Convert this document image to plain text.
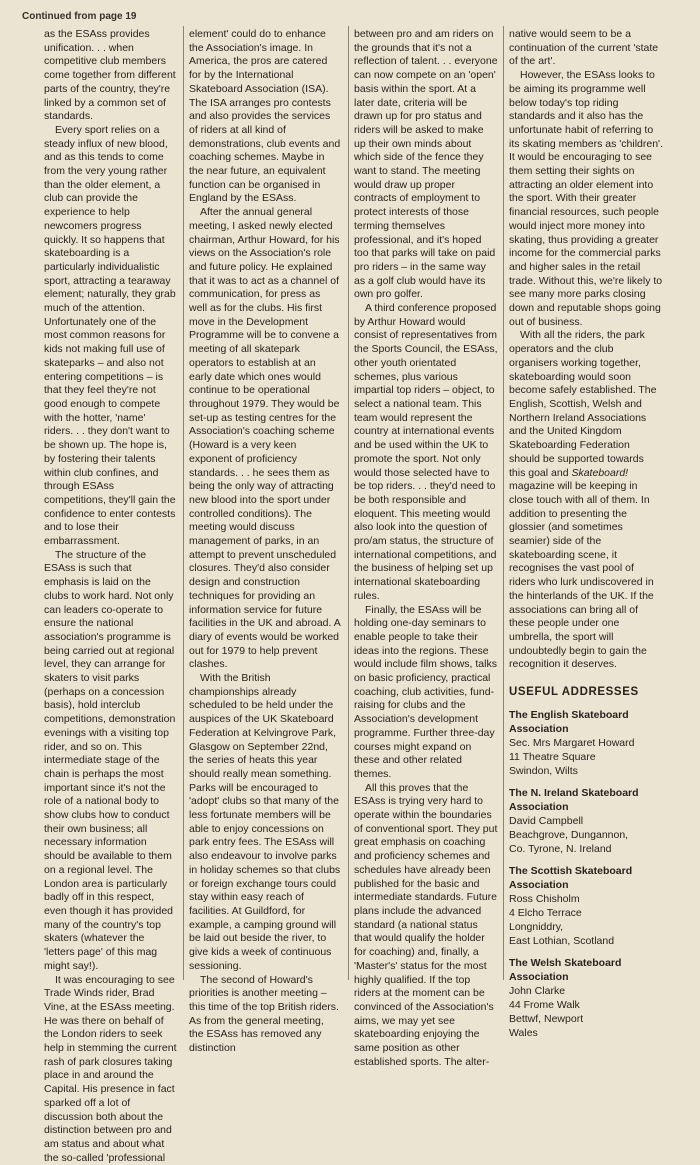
Continued from page 19

as the ESAss provides unification. . . when competitive club members come together from different parts of the country, they're linked by a common set of standards.

Every sport relies on a steady influx of new blood, and as this tends to come from the very young rather than the older element, a club can provide the experience to help newcomers progress quickly. It so happens that skateboarding is a particularly individualistic sport, attracting a tearaway element; naturally, they grab much of the attention. Unfortunately one of the most common reasons for kids not making full use of skateparks – and also not entering competitions – is that they feel they're not good enough to compete with the hotter, 'name' riders. . . they don't want to be shown up. The hope is, by fostering their talents within club confines, and through ESAss competitions, they'll gain the confidence to enter contests and to lose their embarrassment.

The structure of the ESAss is such that emphasis is laid on the clubs to work hard. Not only can leaders co-operate to ensure the national association's programme is being carried out at regional level, they can arrange for skaters to visit parks (perhaps on a concession basis), hold interclub competitions, demonstration evenings with a visiting top rider, and so on. This intermediate stage of the chain is perhaps the most important since it's not the role of a national body to show clubs how to conduct their own business; all necessary information should be available to them on a regional level. The London area is particularly badly off in this respect, even though it has provided many of the country's top skaters (whatever the 'letters page' of this mag might say!).

It was encouraging to see Trade Winds rider, Brad Vine, at the ESAss meeting. He was there on behalf of the London riders to seek help in stemming the current rash of park closures taking place in and around the Capital. His presence in fact sparked off a lot of discussion both about the distinction between pro and am status and about what the so-called 'professional

element' could do to enhance the Association's image. In America, the pros are catered for by the International Skateboard Association (ISA). The ISA arranges pro contests and also provides the services of riders at all kind of demonstrations, club events and coaching schemes. Maybe in the near future, an equivalent function can be organised in England by the ESAss.

After the annual general meeting, I asked newly elected chairman, Arthur Howard, for his views on the Association's role and future policy. He explained that it was to act as a channel of communication, for press as well as for the clubs. His first move in the Development Programme will be to convene a meeting of all skatepark operators to establish at an early date which ones would continue to be operational throughout 1979. They would be set-up as testing centres for the Association's coaching scheme (Howard is a very keen exponent of proficiency standards. . . he sees them as being the only way of attracting new blood into the sport under controlled conditions). The meeting would discuss management of parks, in an attempt to prevent unscheduled closures. They'd also consider design and construction techniques for providing an information service for future facilities in the UK and abroad. A diary of events would be worked out for 1979 to help prevent clashes.

With the British championships already scheduled to be held under the auspices of the UK Skateboard Federation at Kelvingrove Park, Glasgow on September 22nd, the series of heats this year should really mean something. Parks will be encouraged to 'adopt' clubs so that many of the less fortunate members will be able to enjoy concessions on park entry fees. The ESAss will also endeavour to involve parks in holiday schemes so that clubs or foreign exchange tours could stay within easy reach of facilities. At Guildford, for example, a camping ground will be laid out beside the river, to give kids a week of continuous sessioning.

The second of Howard's priorities is another meeting – this time of the top British riders. As from the general meeting, the ESAss has removed any distinction

between pro and am riders on the grounds that it's not a reflection of talent. . . everyone can now compete on an 'open' basis within the sport. At a later date, criteria will be drawn up for pro status and riders will be asked to make up their own minds about which side of the fence they want to stand. The meeting would draw up proper contracts of employment to protect interests of those terming themselves professional, and it's hoped too that parks will take on paid pro riders – in the same way as a golf club would have its own pro golfer.

A third conference proposed by Arthur Howard would consist of representatives from the Sports Council, the ESAss, other youth orientated schemes, plus various impartial top riders – object, to select a national team. This team would represent the country at international events and be used within the UK to promote the sport. Not only would those selected have to be top riders. . . they'd need to be both responsible and eloquent. This meeting would also look into the question of pro/am status, the structure of international competitions, and the business of helping set up international skateboarding rules.

Finally, the ESAss will be holding one-day seminars to enable people to take their ideas into the regions. These would include film shows, talks on basic proficiency, practical coaching, club activities, fund-raising for clubs and the Association's development programme. Further three-day courses might expand on these and other related themes.

All this proves that the ESAss is trying very hard to operate within the boundaries of conventional sport. They put great emphasis on coaching and proficiency schemes and schedules have already been published for the basic and intermediate standards. Future plans include the advanced standard (a national status that would qualify the holder for coaching) and, finally, a 'Master's' status for the most highly qualified. If the top riders at the moment can be convinced of the Association's aims, we may yet see skateboarding enjoying the same position as other established sports. The alter-

native would seem to be a continuation of the current 'state of the art'.

However, the ESAss looks to be aiming its programme well below today's top riding standards and it also has the unfortunate habit of referring to its skating members as 'children'. It would be encouraging to see them setting their sights on attracting an older element into the sport. With their greater financial resources, such people would inject more money into skating, thus providing a greater income for the commercial parks and higher sales in the retail trade. Without this, we're likely to see many more parks closing down and reputable shops going out of business.

With all the riders, the park operators and the club organisers working together, skateboarding would soon become safely established. The English, Scottish, Welsh and Northern Ireland Associations and the United Kingdom Skateboarding Federation should be supported towards this goal and Skateboard! magazine will be keeping in close touch with all of them. In addition to presenting the glossier (and sometimes seamier) side of the skateboarding scene, it recognises the vast pool of riders who lurk undiscovered in the hinterlands of the UK. If the associations can bring all of these people under one umbrella, the sport will undoubtedly begin to gain the recognition it deserves.

USEFUL ADDRESSES

The English Skateboard Association
Sec. Mrs Margaret Howard
11 Theatre Square
Swindon, Wilts
The N. Ireland Skateboard Association
David Campbell
Beachgrove, Dungannon,
Co. Tyrone, N. Ireland
The Scottish Skateboard Association
Ross Chisholm
4 Elcho Terrace
Longniddry,
East Lothian, Scotland
The Welsh Skateboard Association
John Clarke
44 Frome Walk
Bettwf, Newport
Wales
